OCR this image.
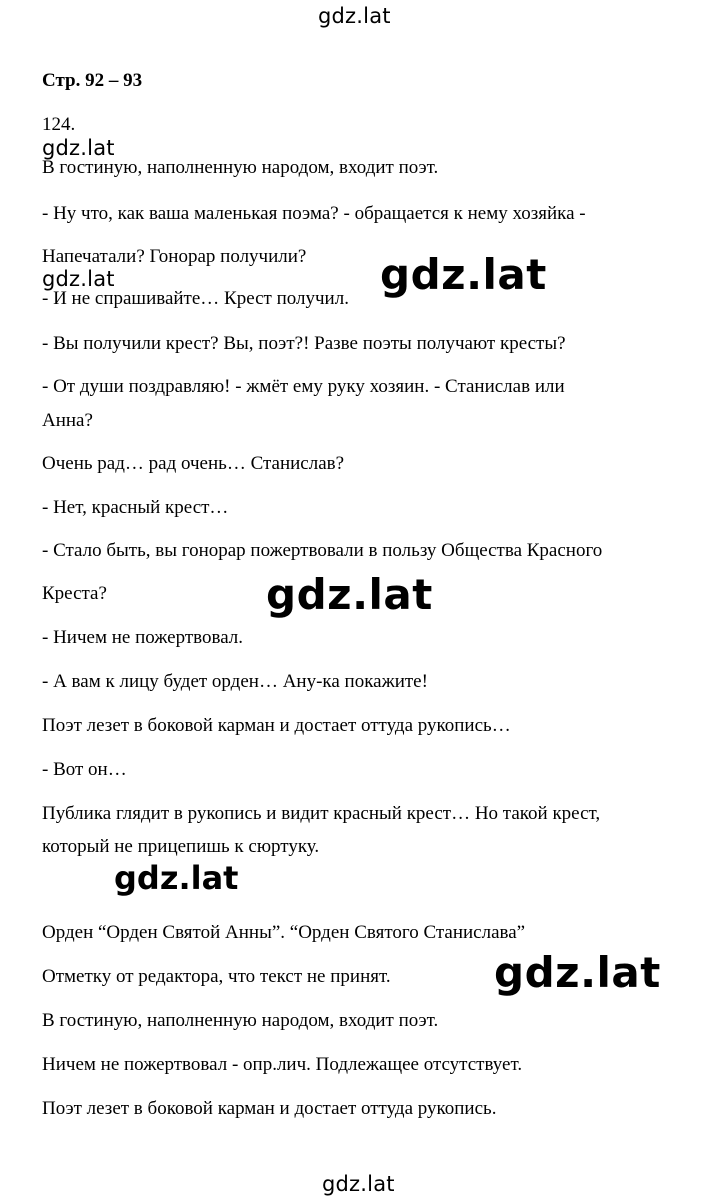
gdz.lat
Стр. 92 – 93
124.
gdz.lat
В гостиную, наполненную народом, входит поэт.
- Ну что, как ваша маленькая поэма? - обращается к нему хозяйка -
Напечатали? Гонорар получили?
gdz.lat
- И не спрашивайте… Крест получил. gdz.lat
- Вы получили крест? Вы, поэт?! Разве поэты получают кресты?
- От души поздравляю! - жмёт ему руку хозяин. - Станислав или
Анна?
Очень рад… рад очень… Станислав?
- Нет, красный крест…
- Стало быть, вы гонорар пожертвовали в пользу Общества Красного
Креста?	gdz.lat
- Ничем не пожертвовал.
- А вам к лицу будет орден… Ану-ка покажите!
Поэт лезет в боковой карман и достает оттуда рукопись…
- Вот он…
Публика глядит в рукопись и видит красный крест… Но такой крест,
который не прицепишь к сюртуку.
gdz.lat
Орден “Орден Святой Анны”. “Орден Святого Станислава”
gdz.lat
Отметку от редактора, что текст не принят.
В гостиную, наполненную народом, входит поэт.
Ничем не пожертвовал - опр.лич. Подлежащее отсутствует.
Поэт лезет в боковой карман и достает оттуда рукопись.
gdz.lat
